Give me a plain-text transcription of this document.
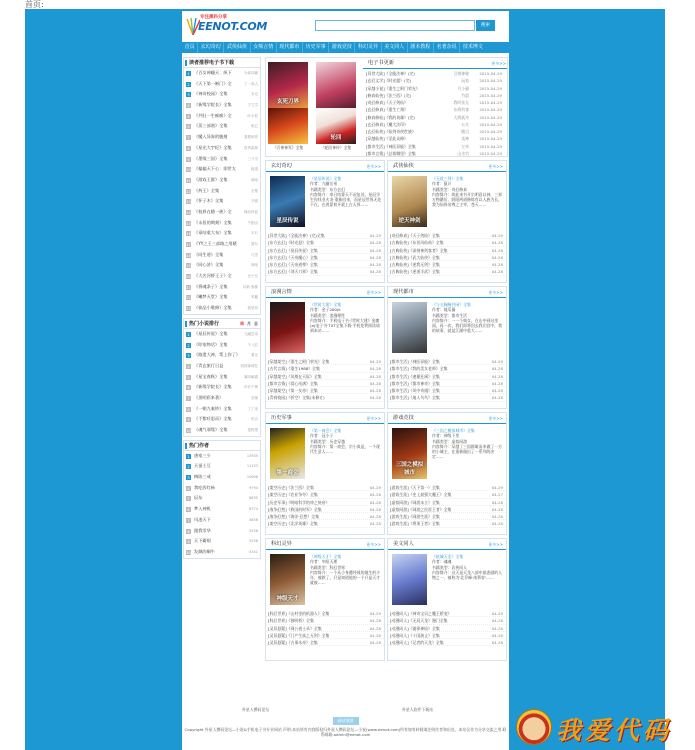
首页:
专注黑科分享
EENOT.COM	搜索
首页	玄幻奇幻	武侠仙侠	女频言情	现代都市	历史军事	游戏竞技	科幻灵异	美文同人	剧本教程	名著杂说	技术博文
读者推荐电子书下载
1	《百女神翻天：纵下	为谁却痛
2	《天下第一断门》全	了一高人
3	《神奇校园》全集	本完
4	《新缘学院长》全集	宁立学
5	《共肚一生痴痴》全	叶小枚
6	《蒸三部曲》全集	明己
7	《魔入异界的腹殖	我要和你
8	《星光大宇纪》全集	将秀森林
9	《墨缘三国》全集	三才当
10 《偏偏天下心：即世太	板道
11 《游戏王群》全集	南暗
12 《药王》全集	全集
13 《怀子木》全集	开源
14 《校界在随一族》全	瑰诗快浪
15 《永恒的期刻》全集	午剧出
16 《章结重大布》全集	木石
17 《YY之王三部路之用暖	聂尔
18 《同生道》全集	凡雪
19 《同心济》全集	规暗
20 《大名河桥王子》全	豆子豆
21 《将魂条子》全集	评新·客都
22 《曦梦天堂》全集	风戴
23 《侦品小歌修》全集	我是刘
热门小说排行	周 月 总
1	《星辰传说》全集	九幽岳弟
2	《叩家物话》全集	千八匹
3	《路遗大神，帮上你了》	看无
4	《青玄旅行日益	西园神城在
5	《星宝春秋》全集	寓叫解霜
6	《新缘学院长》全集	叶长不锁
7	《黑明彩来著》	官媒
8	《一朝九秦钞》全集	丁了坐
9	《不紫旺思而》全集	伯吉
10 《魂气邪缘》全集	慕野狠
热门作者
1	唐家三少	13935
2	天蚕土豆	11133
3	梅陈三戒	10696
4	我吃西红柿	9794
5	辰东	8635
6	梦入神机	6774
7	风凌天下	5856
8	跟我零华	5558
9	天下霸唱	5556
10 发飙的蜗牛	5341
玄死刀界
《百神神冥》全集
轮回
《轮回神传》全集
电子书更新	更多>>
[异世大陆]《全能法神》(完)	豆割神秘	2015-04-29
[玄幻文学]《时光超》(完)	玩家	2015-04-29
[穿越小说]《重生之阿门荣光》	月小猫	2015-04-29
[修真仙侠]《法兰西》(完)	竹晨	2015-04-29
[奇幻修真]《天子剑仙》	我叫张无	2015-04-29
[玄幻修真]《重生亡翔》	东海钓客	2015-04-29
[修真修仙]《我的英雄》(完)	大海孤舟	2015-04-29
[玄幻修真]《魔大法印》	五关	2015-04-29
[玄幻仙侠]《仙剑奇侠世族》	随点	2015-04-29
[穿越仙侠]《至此众修》	卖神	2015-04-29
[都市生活]《神医异能》全集	左毕	2015-04-29
[都市言情]《总裁哪里》全集	山水竹	2015-04-29
玄幻奇幻	更多>>
星辰传说
《星辰传说》全集
作者：九幽岳弟
书籍类型：东方玄幻
内容简介：奉日结算天不况复苏，星辰学生你找业火炎·重新回来，而星辰世界无处不在，在鸿蒙初开就上古天界……
[异世大陆]《全能法神》(完)全集	04-29
[东方玄幻]《时光怒》全集	04-28
[东方玄幻]《星辰传说》全集	04-28
[东方玄幻]《天帝魔心》全集	04-28
[东方玄幻]《天帝道尊》全集	04-28
[东方玄幻]《刘天刀界》全集	04-28
武侠仙侠	更多>>
逆天神剑
《无敌三剑》全集
作者：鼠计
书籍类型：奇幻修真
内容简介：故此来书开宗明意以神，三界万物繁衍，阴阳两道修炼有以人族为长，我为仙界帝尊之主宰，苍天……
[奇幻修真]《天子剑仙》全集	04-29
[古典仙侠]《东晋风仙劫》全集	04-28
[古典仙侠]《深刻神剑客者》全集	04-28
[古典仙侠]《武大仙侠》全集	04-28
[古典仙侠]《逆我无剑》全集	04-28
[古典仙侠]《逆道半武》全集	04-28
浪漫言情	更多>>
《世时大建》全集
作者：金子200(k
书籍类型：浪漫理性
内容简介：手机电子书·《世时大建》金庸(a)电子书·TXT全集下载·手机免费阅读请到本站……
[穿越架空]《重生之阿门荣光》全集	04-29
[古代言情]《重生1988》全集	04-28
[穿越架空]《凤凰在天际》全集	04-28
[都市言情]《爱心站满》全集	04-28
[穿越架空]《第一女帝》全集	04-28
[青春校园]《折空》全集(未修订)	04-28
现代都市	更多>>
《与五胸胸共闲》全集
作者：地瓜猫
书籍类型：都市生活
内容简介：一一个典女，在山中到这里面，再一次，我们即将回去我们宫中，我的故事，就是江湖中重大……
[都市生活]《神医异能》全集	04-29
[都市生活]《我的美女老师》全集	04-28
[都市生活]《速暴狂阀》全集	04-28
[都市生活]《都市神奇》全集	04-28
[都市生活]《风中奇遇》全集	04-28
[都市生活]《迪人鸟鸟》全集	04-28
历史军事	更多>>
第一商会
《第一商会》全集
作者：冠小子
书籍类型：历史穿越
内容简介：第一商会，宗小岚是，一个现代生意人……
[架空历史]《法兰西》全集	04-29
[架空历史]《农业争夺》全集	04-28
[历史军事]《明暗科学的冲之统帝》	04-28
[战争幻想]《救国的时军》全集	04-28
[战争幻想]《海洋·幻想》全集	04-28
[架空历史]《北洋英雄》全集	04-28
游戏竞技	更多>>
三国之模拟城市
《三国之模拟城市》全集
作者：神级下里
书籍类型：虚拟网游
内容简介：穿越了三国群雄而来做了一方的小城主，在重新做出了一系列的决定……
[游戏生涯]《天下第一》全集	04-29
[游戏生涯]《史上最强大魔王》全集	04-27
[虚拟网游]《网游未立》全集	04-28
[虚拟网游]《网游之拉雷王者》全集	04-28
[游戏生涯]《网游生涯》全集	04-28
[游戏生涯]《将顶王者》全集	04-28
科幻灵异	更多>>
神级天才
《神级天才》全集
作者：中阳天理
书籍类型：科幻世界
内容简介：一个从小身遭经贱的地生的少年，被救了，只是知道他的一个只是天才就被……
[科幻世界]《山村里的机器人》全集	04-29
[科幻世界]《独明桥》全集	04-28
[灵异悬疑]《网公道士录》全集	04-28
[灵异悬疑]《门产生高之无剑》全集	04-28
[灵异悬疑]《古事木奇》全集	04-28
美文同人	更多>>
《轨域天龙》全集
作者：魂魂
书籍类型：武侠同人
内容简介：这天是天龙八部中最悲剧的人物之一，被称为'北乔峰·南慕容'……
[动漫同人]《神奇宝贝之魔王娇宠》	04-29
[动漫同人]《无双天龙》漫门全集	04-28
[动漫同人]《浦邪神仙》全集	04-28
[动漫同人]《十国演义》全集	04-28
[动漫同人]《记者的天龙》全集	04-28
外星人攒码论坛	外星人软件下载站
网站地图
Copyright 外星人攒码论坛—小说&手机电子书专业网站 声明:本站所有内容版权归外星人攒码论坛—小说(www.eenot.com)所有如有转载请注明作者和出处，本站仅作为分享交流之用 联系邮箱:admin@eenot.com	我爱代码
